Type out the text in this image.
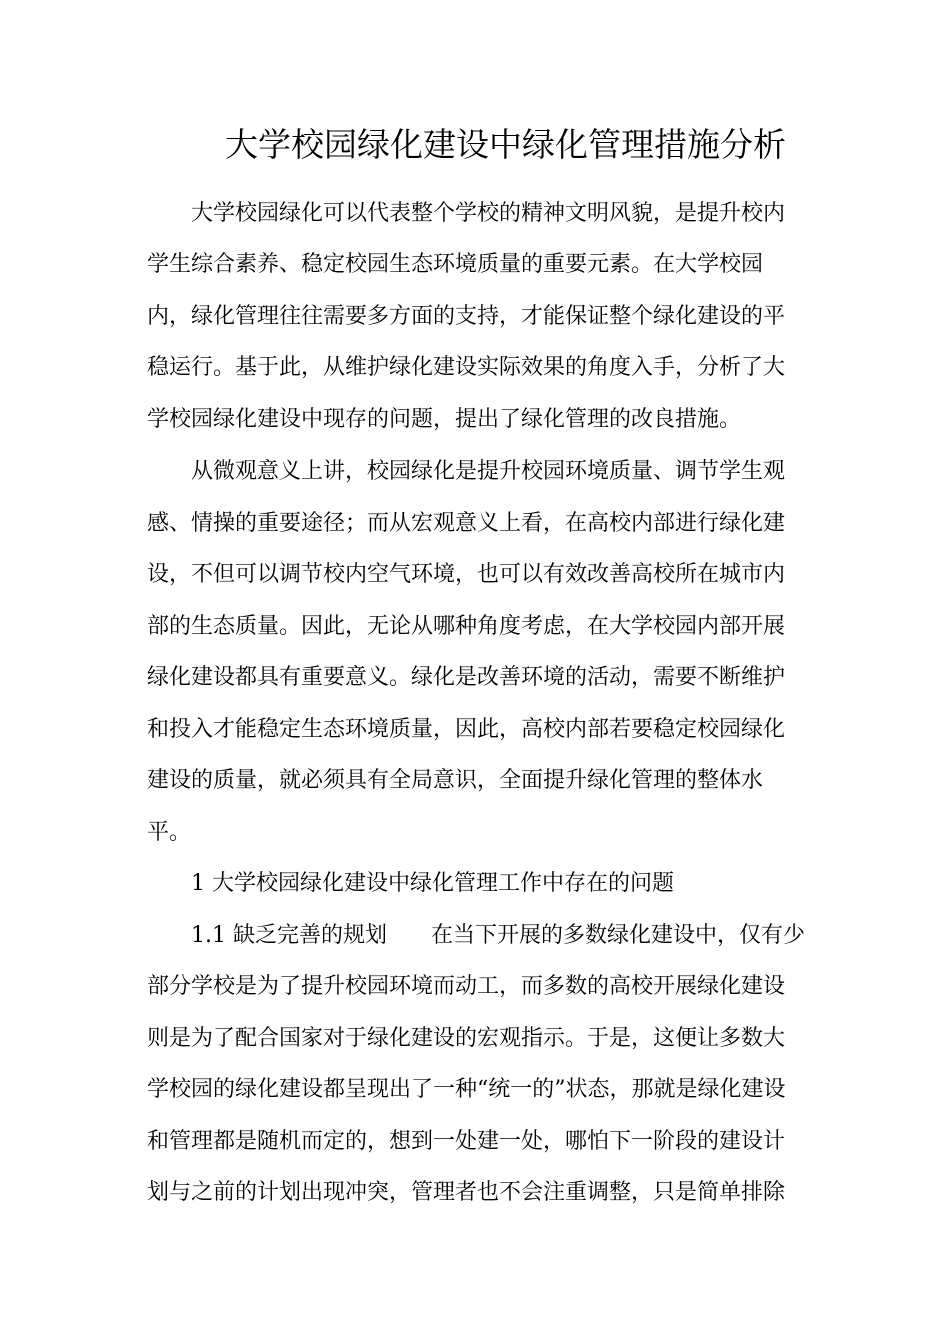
大学校园绿化建设中绿化管理措施分析
大学校园绿化可以代表整个学校的精神文明风貌，是提升校内
学生综合素养、稳定校园生态环境质量的重要元素。在大学校园
内，绿化管理往往需要多方面的支持，才能保证整个绿化建设的平
稳运行。基于此，从维护绿化建设实际效果的角度入手，分析了大
学校园绿化建设中现存的问题，提出了绿化管理的改良措施。
从微观意义上讲，校园绿化是提升校园环境质量、调节学生观
感、情操的重要途径；而从宏观意义上看，在高校内部进行绿化建
设，不但可以调节校内空气环境，也可以有效改善高校所在城市内
部的生态质量。因此，无论从哪种角度考虑，在大学校园内部开展
绿化建设都具有重要意义。绿化是改善环境的活动，需要不断维护
和投入才能稳定生态环境质量，因此，高校内部若要稳定校园绿化
建设的质量，就必须具有全局意识，全面提升绿化管理的整体水
平。
1 大学校园绿化建设中绿化管理工作中存在的问题
1.1 缺乏完善的规划 在当下开展的多数绿化建设中，仅有少
部分学校是为了提升校园环境而动工，而多数的高校开展绿化建设
则是为了配合国家对于绿化建设的宏观指示。于是，这便让多数大
学校园的绿化建设都呈现出了一种“统一的”状态，那就是绿化建设
和管理都是随机而定的，想到一处建一处，哪怕下一阶段的建设计
划与之前的计划出现冲突，管理者也不会注重调整，只是简单排除
